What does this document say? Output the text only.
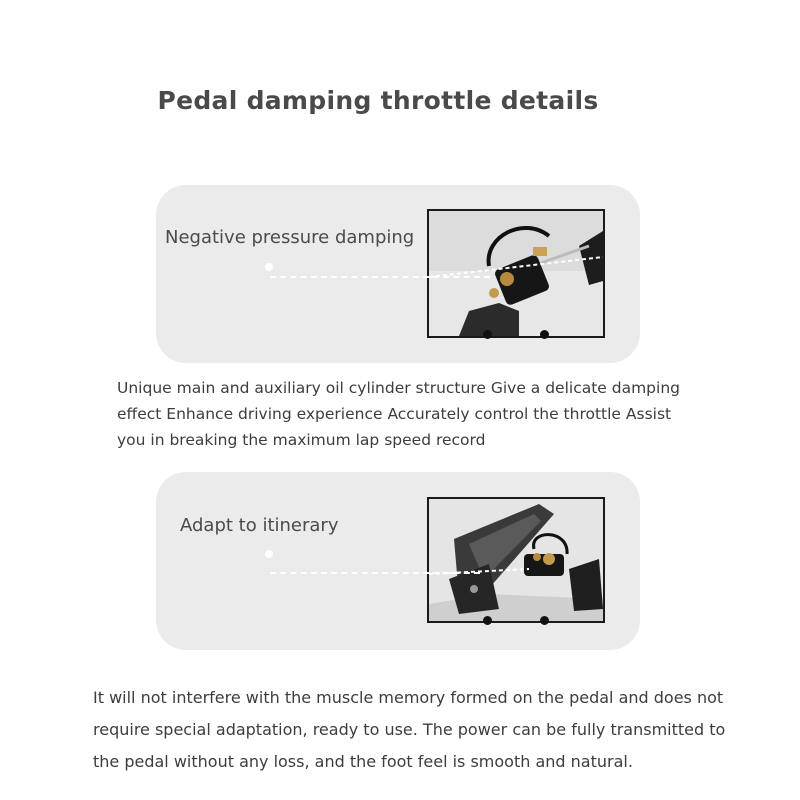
Pedal damping throttle details
Negative pressure damping
Unique main and auxiliary oil cylinder structure Give a delicate damping
effect Enhance driving experience Accurately control the throttle Assist
you in breaking the maximum lap speed record
Adapt to itinerary
It will not interfere with the muscle memory formed on the pedal and does not
require special adaptation, ready to use. The power can be fully transmitted to
the pedal without any loss, and the foot feel is smooth and natural.
